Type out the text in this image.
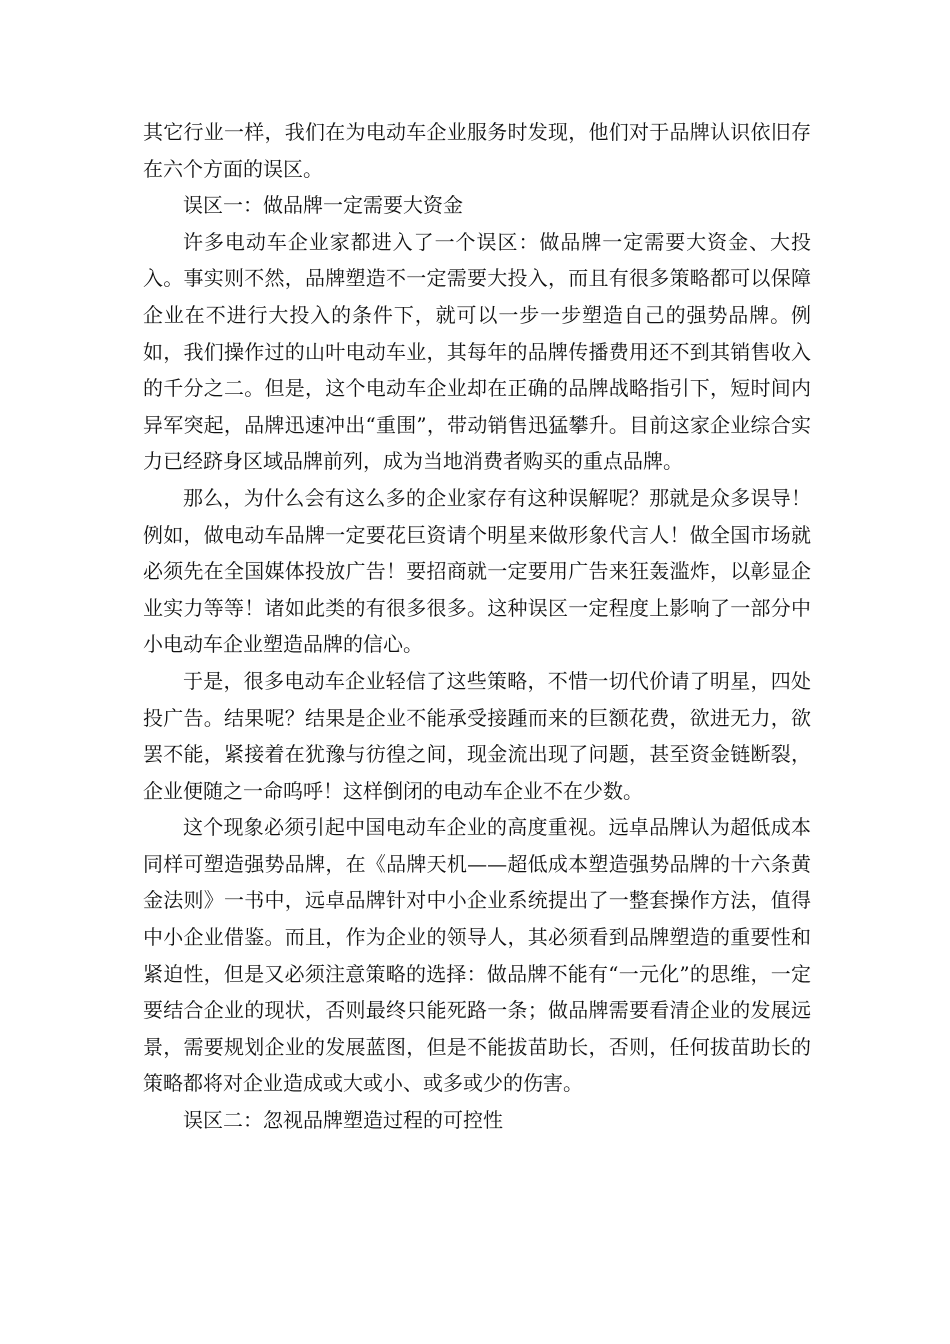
其它行业一样，我们在为电动车企业服务时发现，他们对于品牌认识依旧存在六个方面的误区。

误区一：做品牌一定需要大资金

许多电动车企业家都进入了一个误区：做品牌一定需要大资金、大投入。事实则不然，品牌塑造不一定需要大投入，而且有很多策略都可以保障企业在不进行大投入的条件下，就可以一步一步塑造自己的强势品牌。例如，我们操作过的山叶电动车业，其每年的品牌传播费用还不到其销售收入的千分之二。但是，这个电动车企业却在正确的品牌战略指引下，短时间内异军突起，品牌迅速冲出“重围”，带动销售迅猛攀升。目前这家企业综合实力已经跻身区域品牌前列，成为当地消费者购买的重点品牌。

那么，为什么会有这么多的企业家存有这种误解呢？那就是众多误导！例如，做电动车品牌一定要花巨资请个明星来做形象代言人！做全国市场就必须先在全国媒体投放广告！要招商就一定要用广告来狂轰滥炸，以彰显企业实力等等！诸如此类的有很多很多。这种误区一定程度上影响了一部分中小电动车企业塑造品牌的信心。

于是，很多电动车企业轻信了这些策略，不惜一切代价请了明星，四处投广告。结果呢？结果是企业不能承受接踵而来的巨额花费，欲进无力，欲罢不能，紧接着在犹豫与彷徨之间，现金流出现了问题，甚至资金链断裂，企业便随之一命呜呼！这样倒闭的电动车企业不在少数。

这个现象必须引起中国电动车企业的高度重视。远卓品牌认为超低成本同样可塑造强势品牌，在《品牌天机——超低成本塑造强势品牌的十六条黄金法则》一书中，远卓品牌针对中小企业系统提出了一整套操作方法，值得中小企业借鉴。而且，作为企业的领导人，其必须看到品牌塑造的重要性和紧迫性，但是又必须注意策略的选择：做品牌不能有“一元化”的思维，一定要结合企业的现状，否则最终只能死路一条；做品牌需要看清企业的发展远景，需要规划企业的发展蓝图，但是不能拔苗助长，否则，任何拔苗助长的策略都将对企业造成或大或小、或多或少的伤害。

误区二：忽视品牌塑造过程的可控性
